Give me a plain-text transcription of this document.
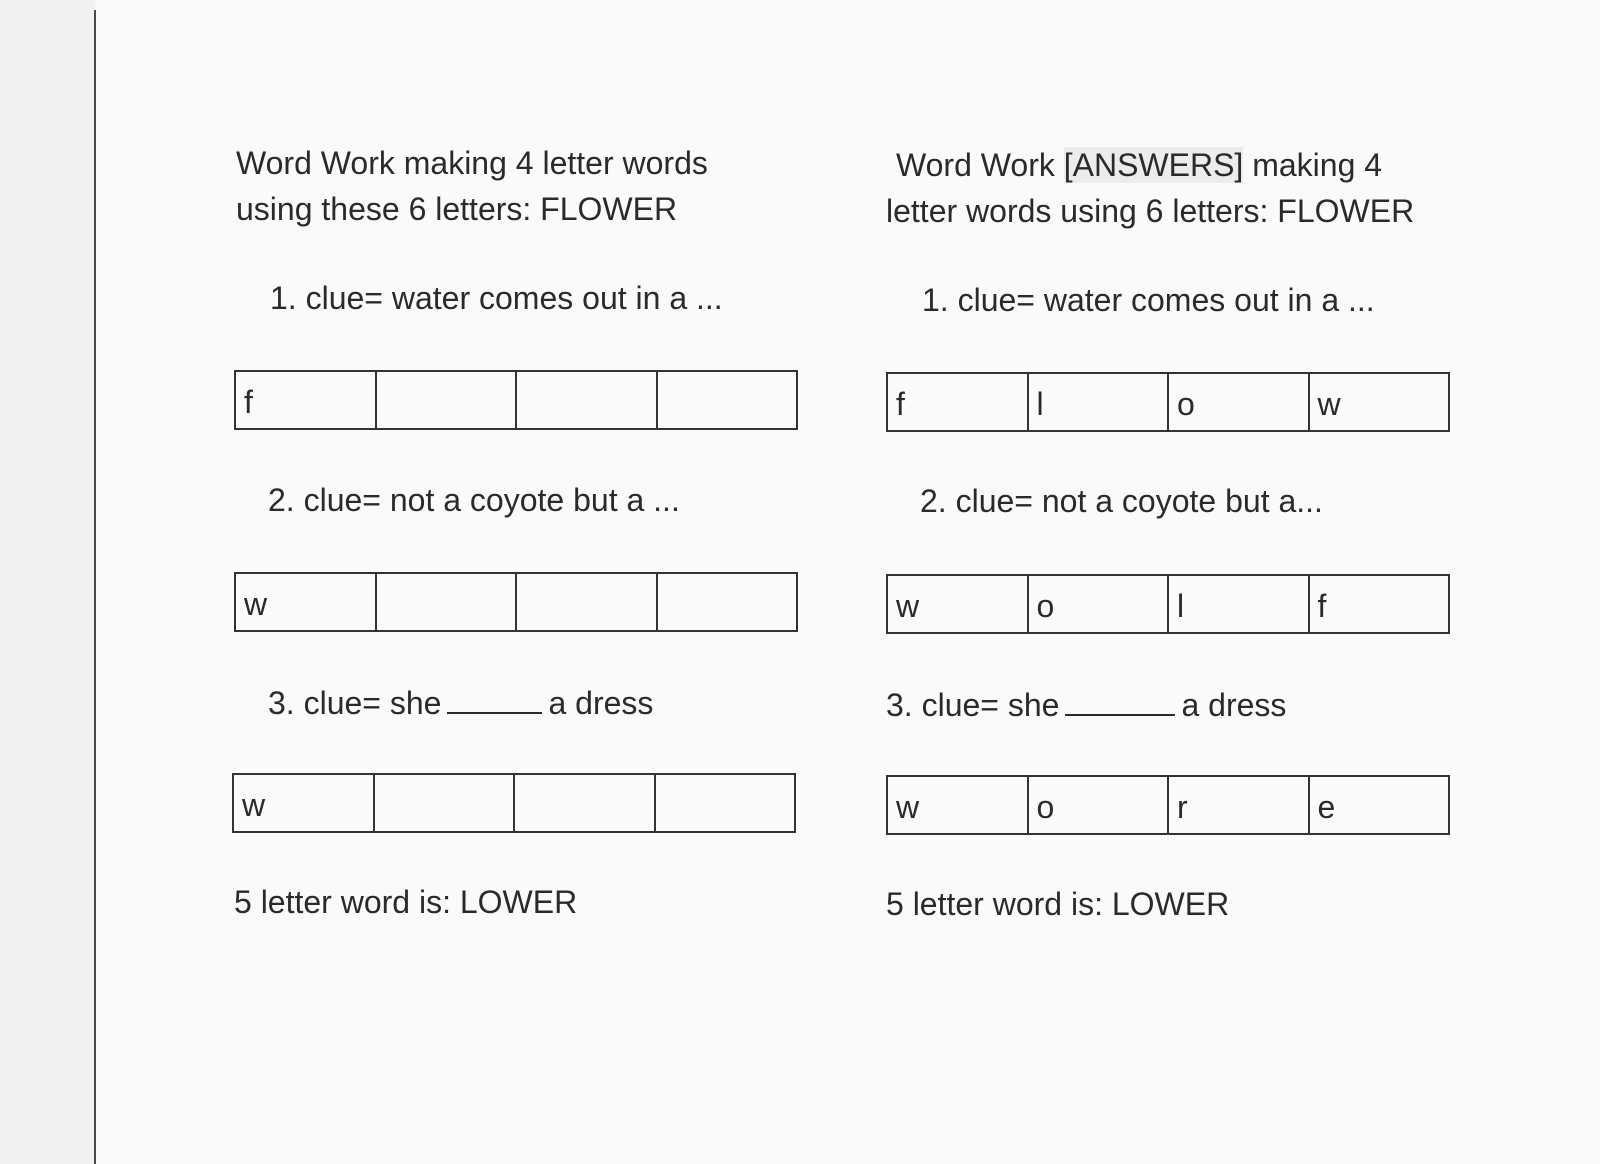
Word Work making 4 letter words
using these 6 letters: FLOWER

1. clue= water comes out in a ...

f

2. clue= not a coyote but a ...

w

3. clue= she	a dress

w

5 letter word is: LOWER

Word Work [ANSWERS] making 4
letter words using 6 letters: FLOWER

1. clue= water comes out in a ...

f	l	o	w

2. clue= not a coyote but a...

w	o	l	f

3. clue= she	a dress

w	o	r	e

5 letter word is: LOWER
